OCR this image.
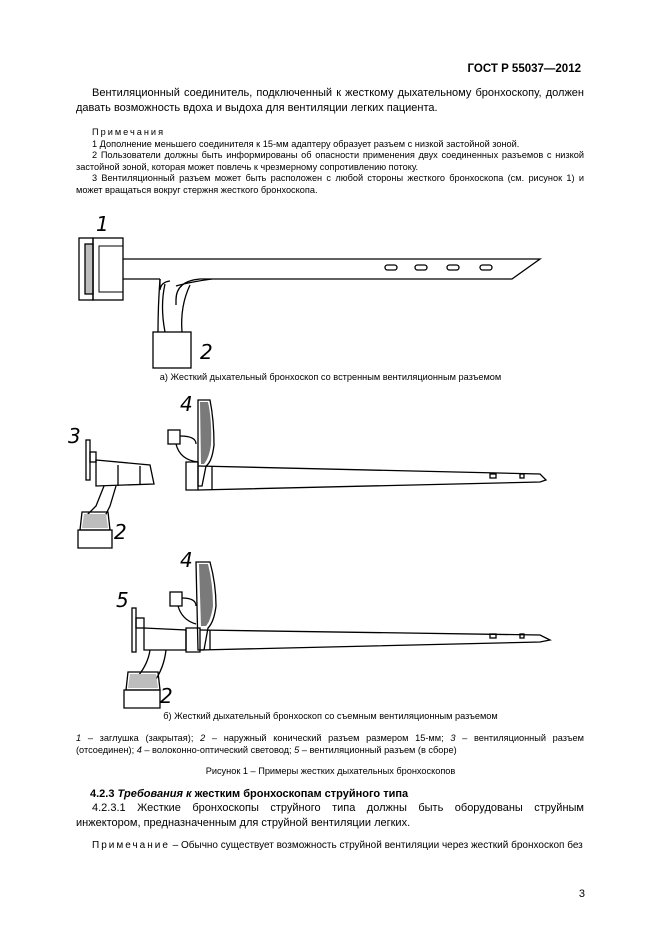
ГОСТ Р 55037—2012
Вентиляционный соединитель, подключенный к жесткому дыхательному бронхоскопу, должен давать возможность вдоха и выдоха для вентиляции легких пациента.
Примечания
1 Дополнение меньшего соединителя к 15-мм адаптеру образует разъем с низкой застойной зоной.
2 Пользователи должны быть информированы об опасности применения двух соединенных разъемов с низкой застойной зоной, которая может повлечь к чрезмерному сопротивлению потоку.
3 Вентиляционный разъем может быть расположен с любой стороны жесткого бронхоскопа (см. рисунок 1) и может вращаться вокруг стержня жесткого бронхоскопа.
1
2
а) Жесткий дыхательный бронхоскоп со встренным вентиляционным разъемом
3
4
2
5
4
2
б) Жесткий дыхательный бронхоскоп со съемным вентиляционным разъемом
1 – заглушка (закрытая); 2 – наружный конический разъем размером 15-мм; 3 – вентиляционный разъем (отсоединен); 4 – волоконно-оптический световод; 5 – вентиляционный разъем (в сборе)
Рисунок 1 – Примеры жестких дыхательных бронхоскопов
4.2.3 Требования к жестким бронхоскопам струйного типа
4.2.3.1 Жесткие бронхоскопы струйного типа должны быть оборудованы струйным инжектором, предназначенным для струйной вентиляции легких.
Примечание – Обычно существует возможность струйной вентиляции через жесткий бронхоскоп без
3
